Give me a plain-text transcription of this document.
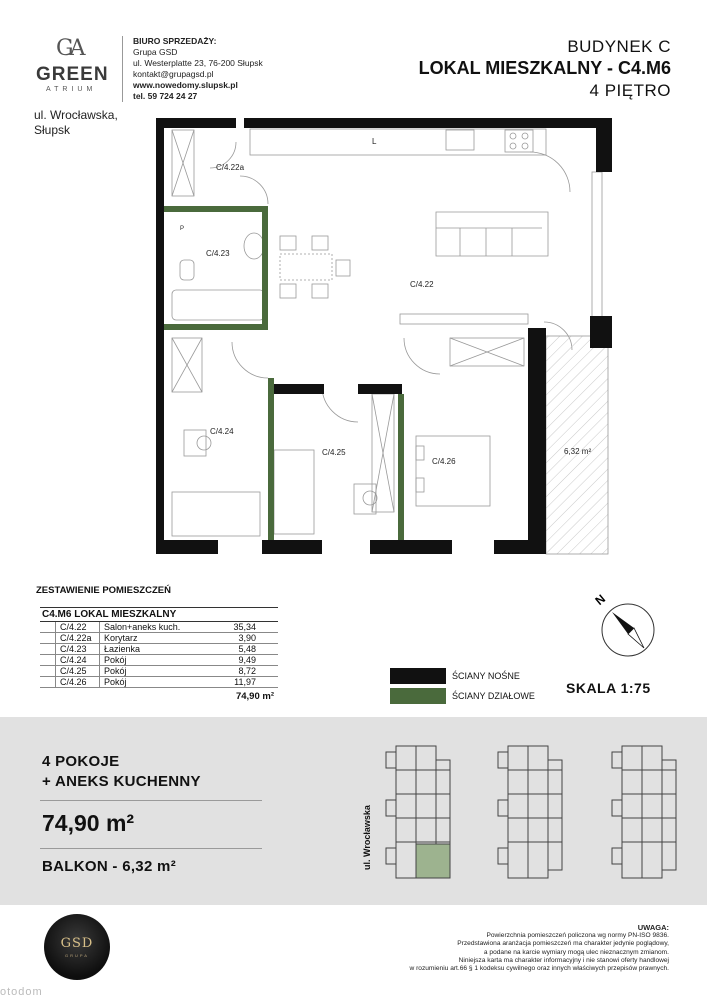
GA
GREEN
ATRIUM
ul. Wrocławska,
Słupsk
BIURO SPRZEDAŻY:
Grupa GSD
ul. Westerplatte 23, 76-200 Słupsk
kontakt@grupagsd.pl
www.nowedomy.slupsk.pl
tel. 59 724 24 27
BUDYNEK C
LOKAL MIESZKALNY - C4.M6
4 PIĘTRO
C/4.22a
C/4.23
C/4.22
C/4.24
C/4.25
C/4.26
6,32 m²
L
P
ZESTAWIENIE POMIESZCZEŃ
C4.M6 LOKAL MIESZKALNY
C/4.22	Salon+aneks kuch.	35,34
C/4.22a	Korytarz	3,90
C/4.23	Łazienka	5,48
C/4.24	Pokój	9,49
C/4.25	Pokój	8,72
C/4.26	Pokój	11,97
74,90 m²
ŚCIANY NOŚNE
ŚCIANY DZIAŁOWE
N
SKALA 1:75
4 POKOJE
+ ANEKS KUCHENNY
74,90 m²
BALKON - 6,32 m²	ul. Wrocławska
GSD
GRUPA
UWAGA:
Powierzchnia pomieszczeń policzona wg normy PN-ISO 9836.
Przedstawiona aranżacja pomieszczeń ma charakter jedynie poglądowy,
a podane na karcie wymiary mogą ulec nieznacznym zmianom.
Niniejsza karta ma charakter informacyjny i nie stanowi oferty handlowej
w rozumieniu art.66 § 1 kodeksu cywilnego oraz innych właściwych przepisów prawnych.
otodom
